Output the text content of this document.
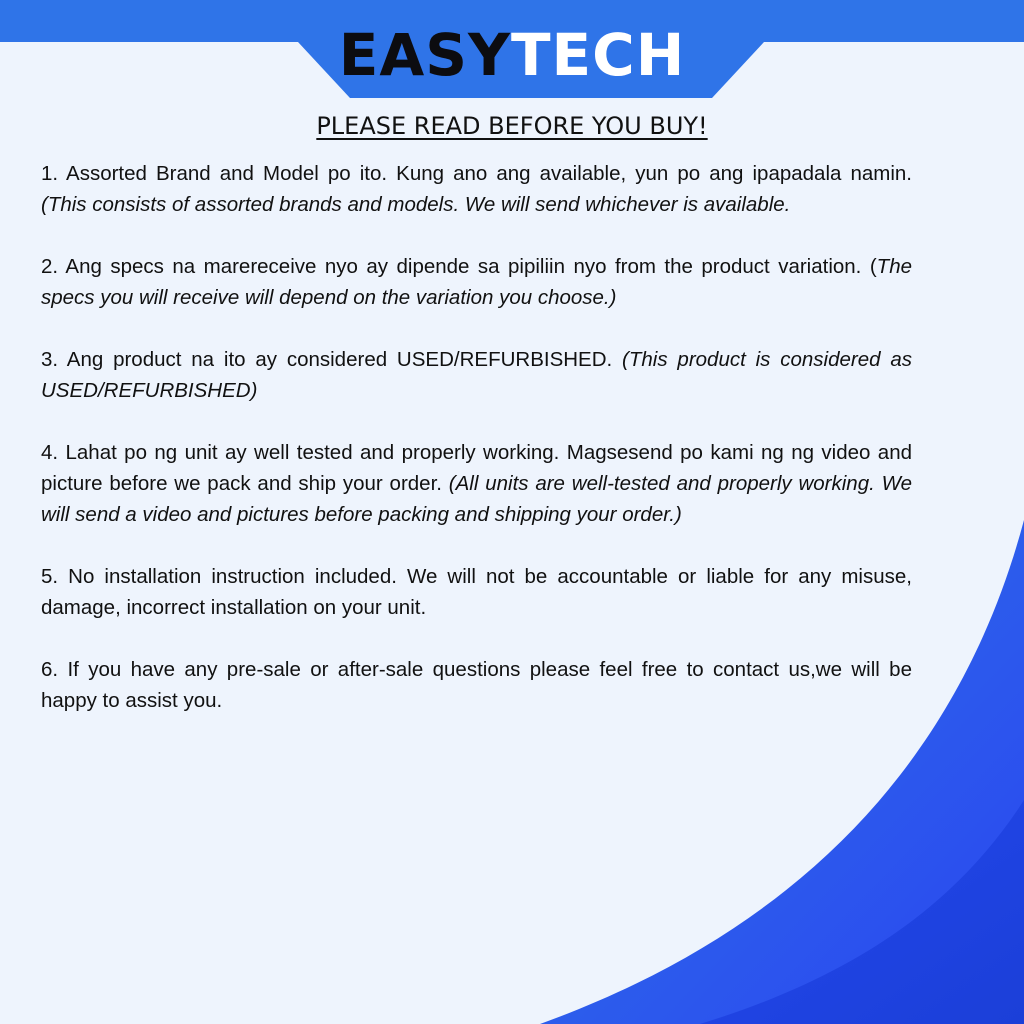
EASYTECH
PLEASE READ BEFORE YOU BUY!

1. Assorted Brand and Model po ito. Kung ano ang available, yun po ang ipapadala namin. (This consists of assorted brands and models. We will send whichever is available.

2. Ang specs na marereceive nyo ay dipende sa pipiliin nyo from the product variation. (The specs you will receive will depend on the variation you choose.)

3. Ang product na ito ay considered USED/REFURBISHED. (This product is considered as USED/REFURBISHED)

4. Lahat po ng unit ay well tested and properly working. Magsesend po kami ng ng video and picture before we pack and ship your order. (All units are well-tested and properly working. We will send a video and pictures before packing and shipping your order.)

5. No installation instruction included. We will not be accountable or liable for any misuse, damage, incorrect installation on your unit.

6. If you have any pre-sale or after-sale questions please feel free to contact us,we will be happy to assist you.
